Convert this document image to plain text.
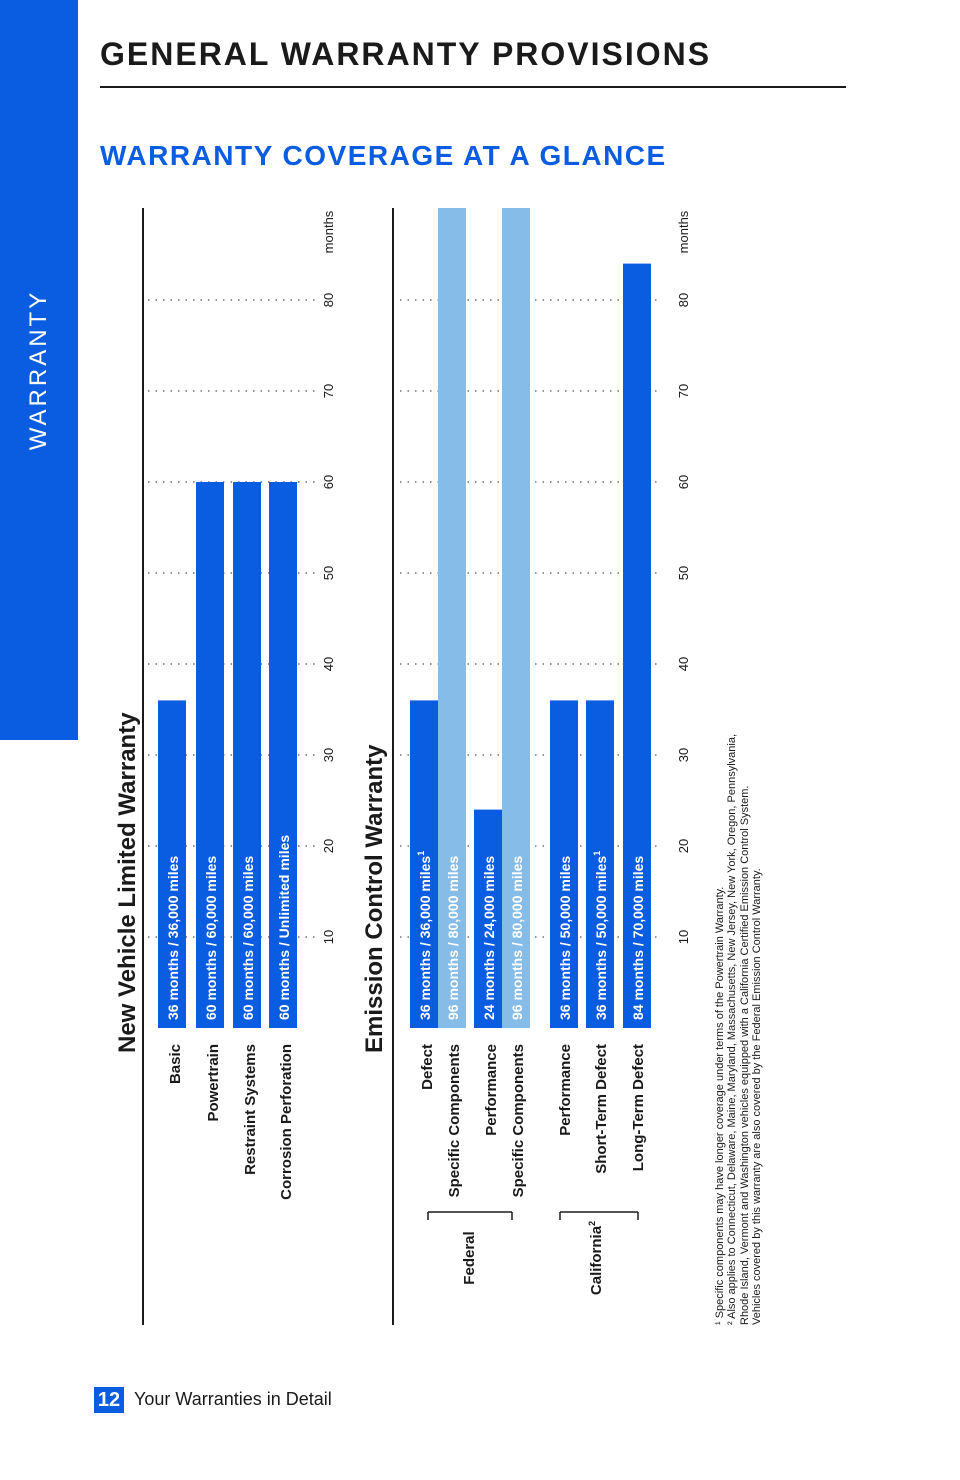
WARRANTY
GENERAL WARRANTY PROVISIONS
WARRANTY COVERAGE AT A GLANCE
New Vehicle Limited Warranty	10
20
30
40
50
60
70
80
months
36 months / 36,000 miles 60 months / 60,000 miles 60 months / 60,000 miles 60 months / Unlimited miles	Emission Control Warranty	10
20
30
40
50
60
70
80
months
36 months / 36,000 miles$^1$
96 months / 80,000 miles 24 months / 24,000 miles 96 months / 80,000 miles 36 months / 50,000 miles 36 months / 50,000 miles$^1$
84 months / 70,000 miles
Basic Powertrain Restraint Systems Corrosion Perforation	Defect Specific Components Performance Specific Components Performance Short-Term Defect Long-Term Defect
Federal	California$^2$	¹ Specific components may have longer coverage under terms of the Powertrain Warranty. ² Also applies to Connecticut, Delaware, Maine, Maryland, Massachusetts, New Jersey, New York, Oregon, Pennsylvania, Rhode Island, Vermont and Washington vehicles equipped with a California Certified Emission Control System. Vehicles covered by this warranty are also covered by the Federal Emission Control Warranty.
12 Your Warranties in Detail
